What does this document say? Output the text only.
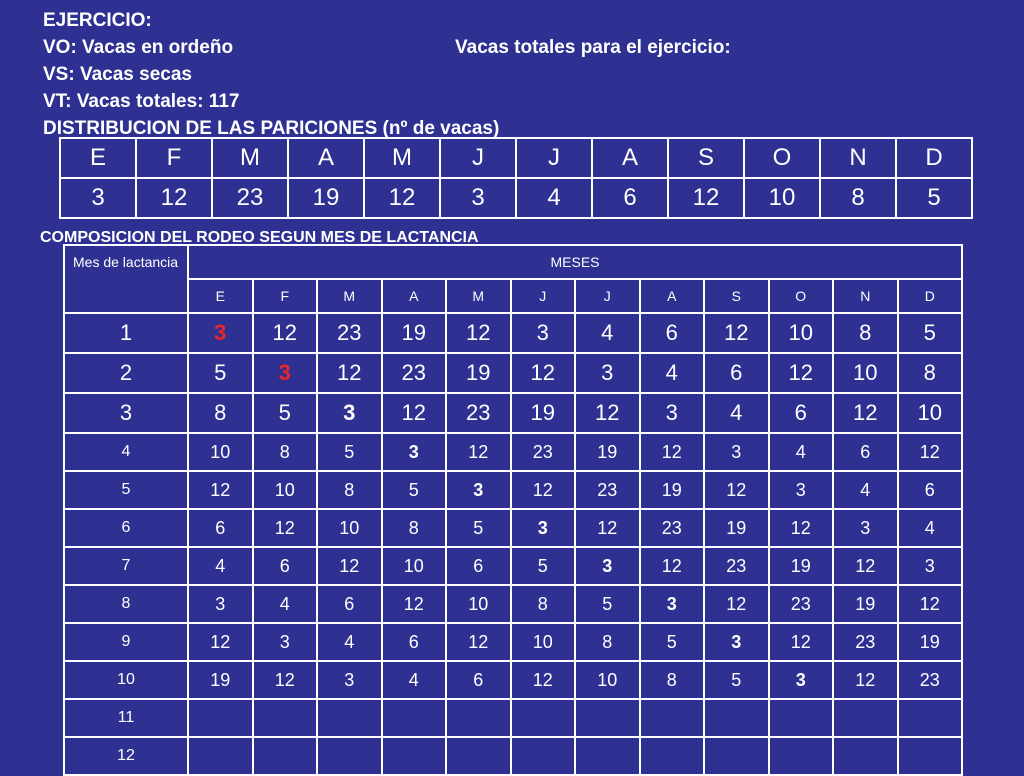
EJERCICIO:
VO: Vacas en ordeño
VS: Vacas secas
VT: Vacas totales: 117
DISTRIBUCION DE LAS PARICIONES (nº de vacas)
Vacas totales para el ejercicio:
E	F	M	A	M	J	J	A	S	O	N	D
3	12	23	19	12	3	4	6	12	10	8	5
COMPOSICION DEL RODEO SEGUN MES DE LACTANCIA
Mes de lactancia	MESES											
	E	F	M	A	M	J	J	A	S	O	N	D
1	3	12	23	19	12	3	4	6	12	10	8	5
2	5	3	12	23	19	12	3	4	6	12	10	8
3	8	5	3	12	23	19	12	3	4	6	12	10
4	10	8	5	3	12	23	19	12	3	4	6	12
5	12	10	8	5	3	12	23	19	12	3	4	6
6	6	12	10	8	5	3	12	23	19	12	3	4
7	4	6	12	10	6	5	3	12	23	19	12	3
8	3	4	6	12	10	8	5	3	12	23	19	12
9	12	3	4	6	12	10	8	5	3	12	23	19
10	19	12	3	4	6	12	10	8	5	3	12	23
11												
12												
